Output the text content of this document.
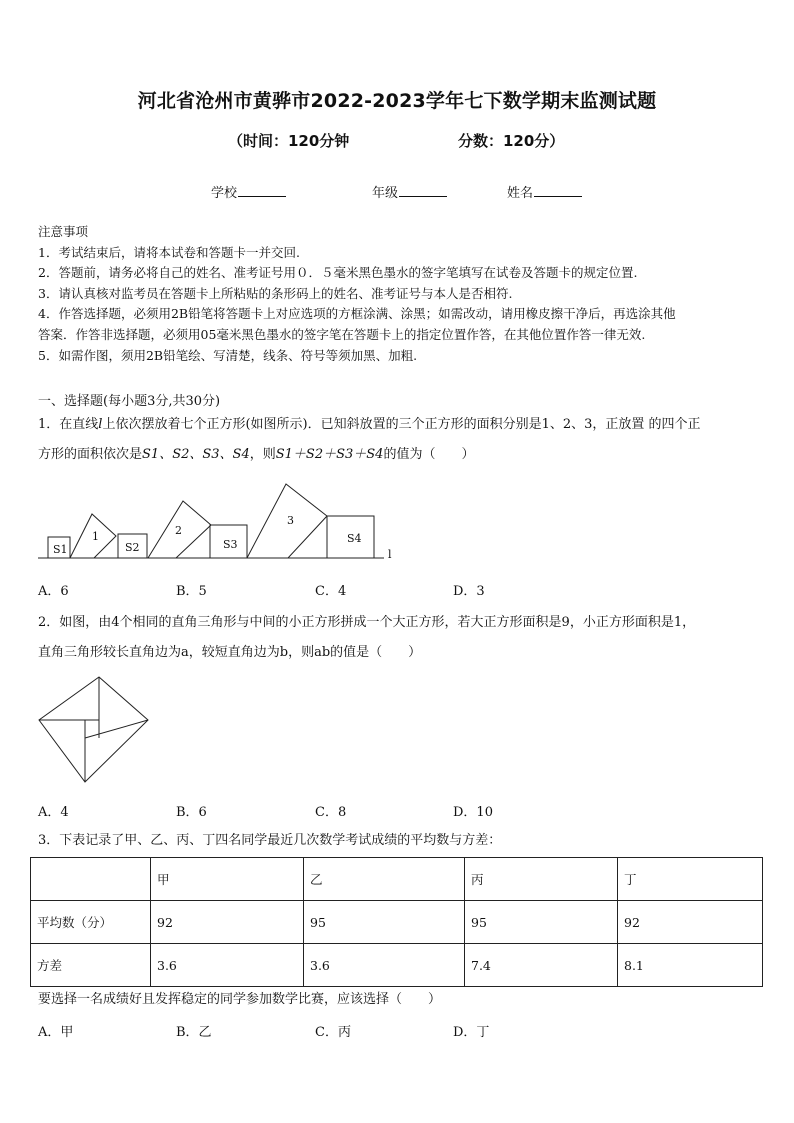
河北省沧州市黄骅市2022-2023学年七下数学期末监测试题
（时间：120分钟	分数：120分）
学校	年级	姓名
注意事项
1．考试结束后，请将本试卷和答题卡一并交回.
2．答题前，请务必将自己的姓名、准考证号用０．５毫米黑色墨水的签字笔填写在试卷及答题卡的规定位置.
3．请认真核对监考员在答题卡上所粘贴的条形码上的姓名、准考证号与本人是否相符.
4．作答选择题，必须用2B铅笔将答题卡上对应选项的方框涂满、涂黑；如需改动，请用橡皮擦干净后，再选涂其他
答案．作答非选择题，必须用05毫米黑色墨水的签字笔在答题卡上的指定位置作答，在其他位置作答一律无效.
5．如需作图，须用2B铅笔绘、写清楚，线条、符号等须加黑、加粗.
一、选择题(每小题3分,共30分)
1．在直线l上依次摆放着七个正方形(如图所示)．已知斜放置的三个正方形的面积分别是1、2、3，正放置 的四个正
方形的面积依次是S1、S2、S3、S4，则S1＋S2＋S3＋S4的值为（　　）
S1
1
S2
2
S3
3
S4
l
A．6	B．5	C．4	D．3
2．如图，由4个相同的直角三角形与中间的小正方形拼成一个大正方形，若大正方形面积是9，小正方形面积是1，
直角三角形较长直角边为a，较短直角边为b，则ab的值是（　　）
A．4	B．6	C．8	D．10
3．下表记录了甲、乙、丙、丁四名同学最近几次数学考试成绩的平均数与方差：
	甲	乙	丙	丁
平均数（分）	92	95	95	92
方差	3.6	3.6	7.4	8.1
要选择一名成绩好且发挥稳定的同学参加数学比赛，应该选择（　　）
A．甲	B．乙	C．丙	D．丁
